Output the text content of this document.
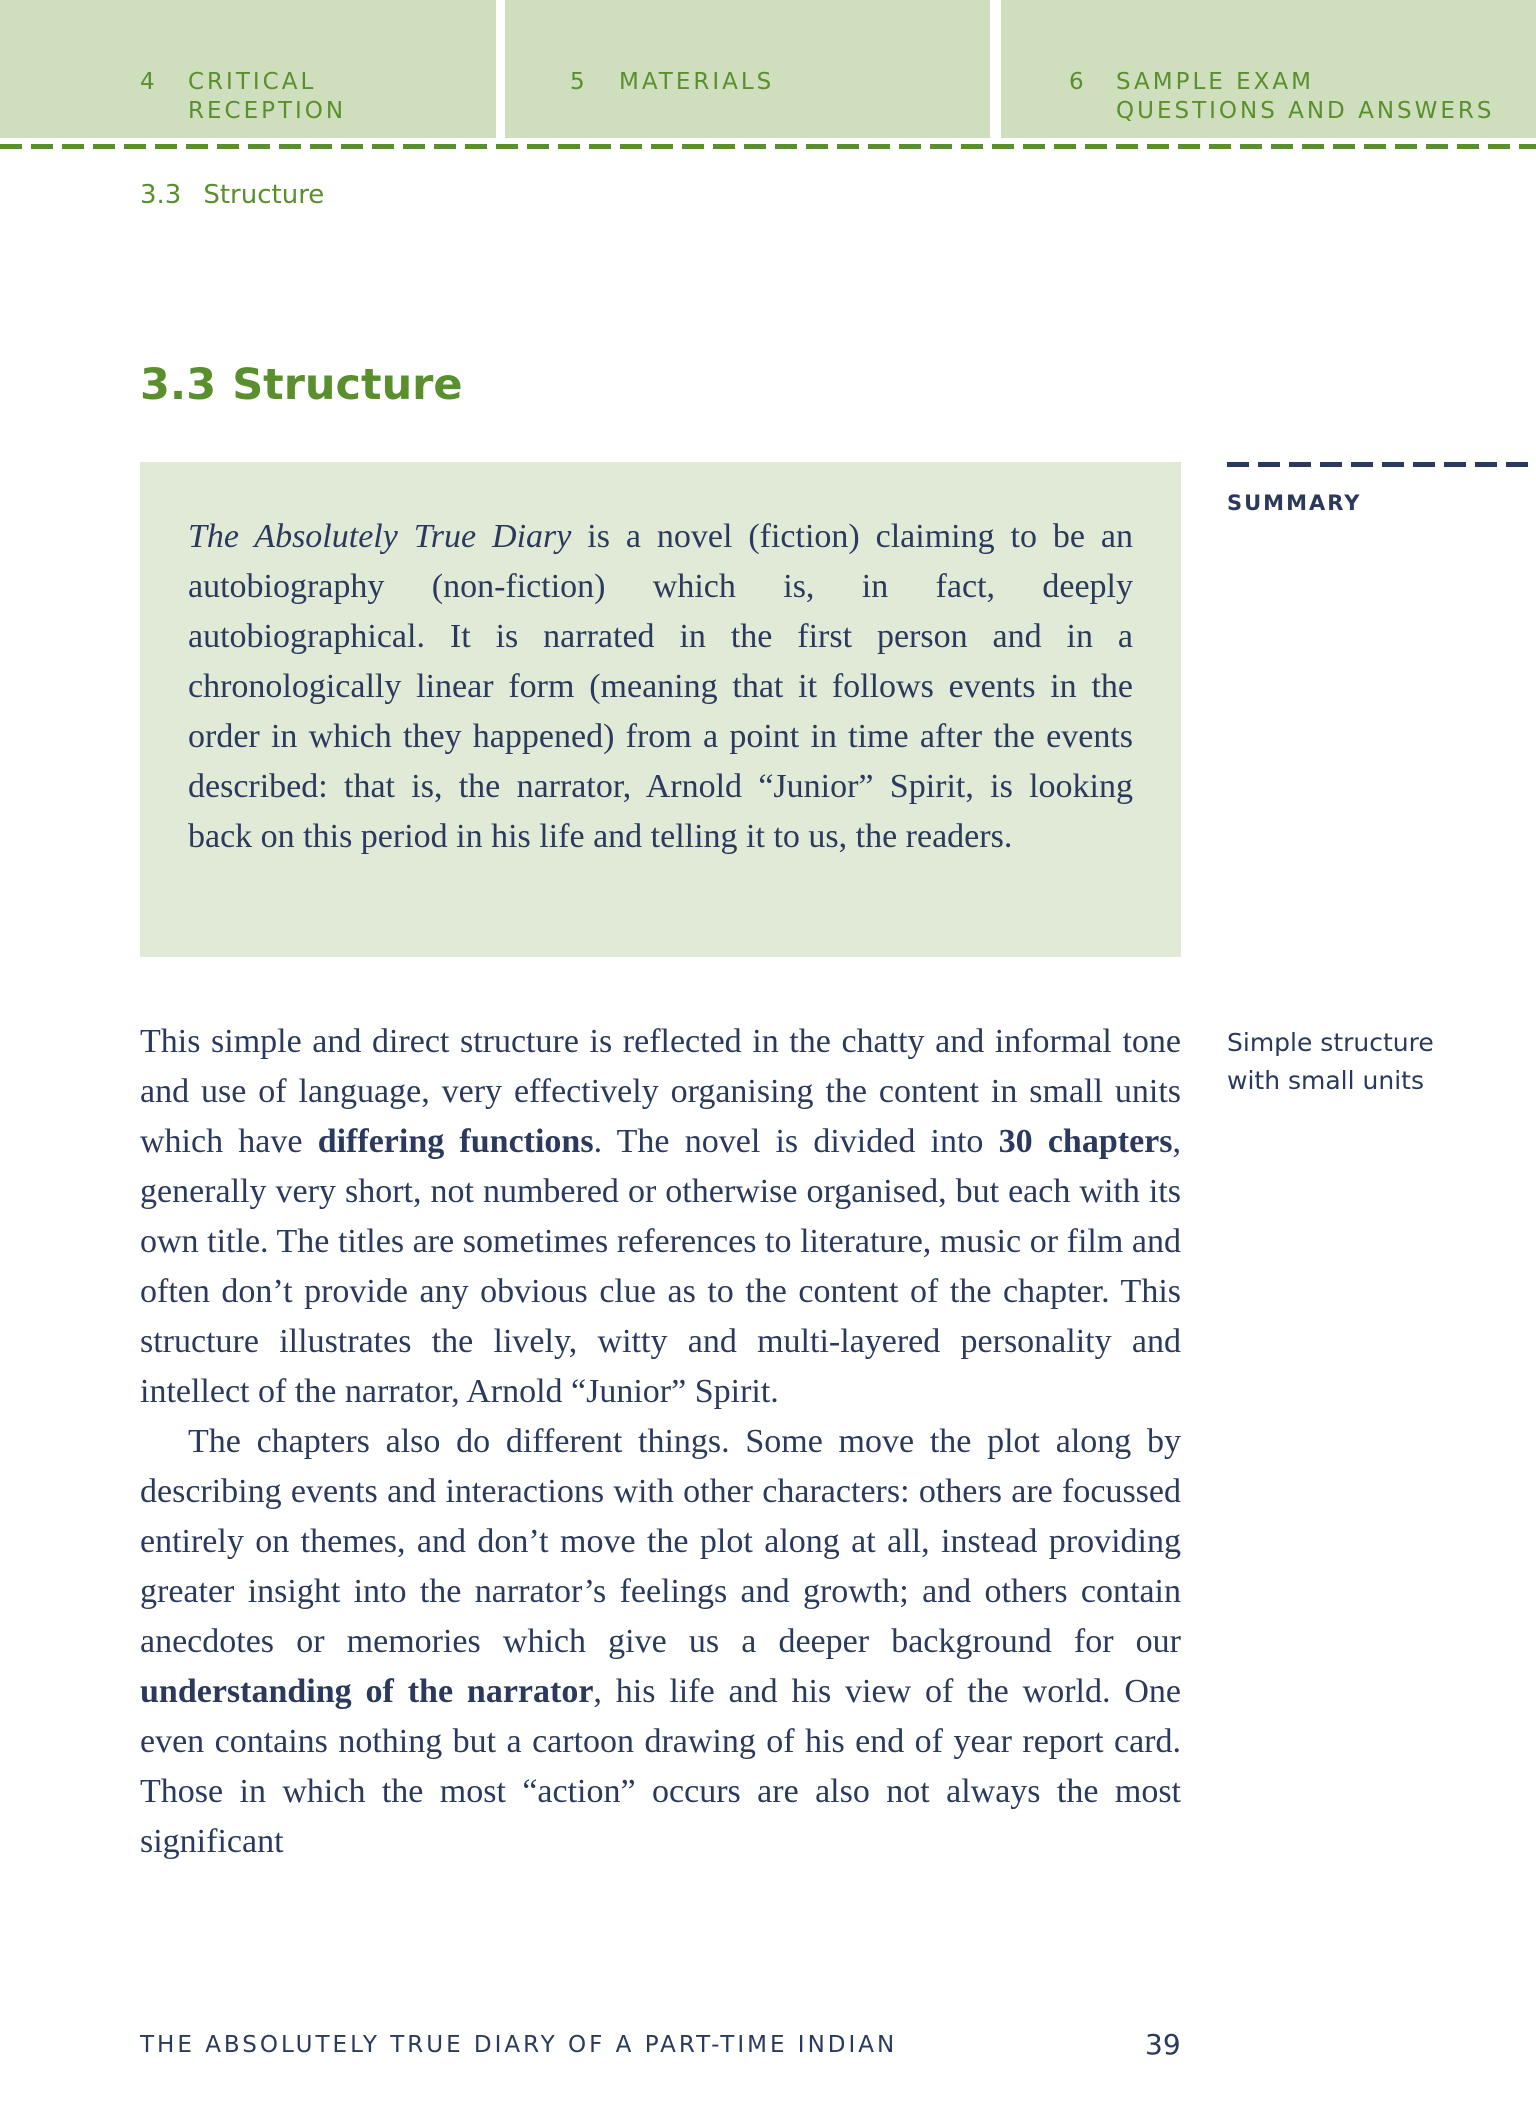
4 CRITICAL
RECEPTION
5 MATERIALS	6 SAMPLE EXAM
QUESTIONS AND ANSWERS
3.3 Structure
3.3 Structure

The Absolutely True Diary is a novel (fiction) claiming to be an autobiography (non-fiction) which is, in fact, deeply autobiographical. It is narrated in the first person and in a chronologically linear form (meaning that it follows events in the order in which they happened) from a point in time after the events described: that is, the narrator, Arnold “Junior” Spirit, is looking back on this period in his life and telling it to us, the readers.

SUMMARY
Simple structure with small units

This simple and direct structure is reflected in the chatty and informal tone and use of language, very effectively organising the content in small units which have differing functions. The novel is divided into 30 chapters, generally very short, not numbered or otherwise organised, but each with its own title. The titles are sometimes references to literature, music or film and often don’t provide any obvious clue as to the content of the chapter. This structure illustrates the lively, witty and multi-layered personality and intellect of the narrator, Arnold “Junior” Spirit.

The chapters also do different things. Some move the plot along by describing events and interactions with other characters: others are focussed entirely on themes, and don’t move the plot along at all, instead providing greater insight into the narrator’s feelings and growth; and others contain anecdotes or memories which give us a deeper background for our understanding of the narrator, his life and his view of the world. One even contains nothing but a cartoon drawing of his end of year report card. Those in which the most “action” occurs are also not always the most significant

THE ABSOLUTELY TRUE DIARY OF A PART-TIME INDIAN	39
